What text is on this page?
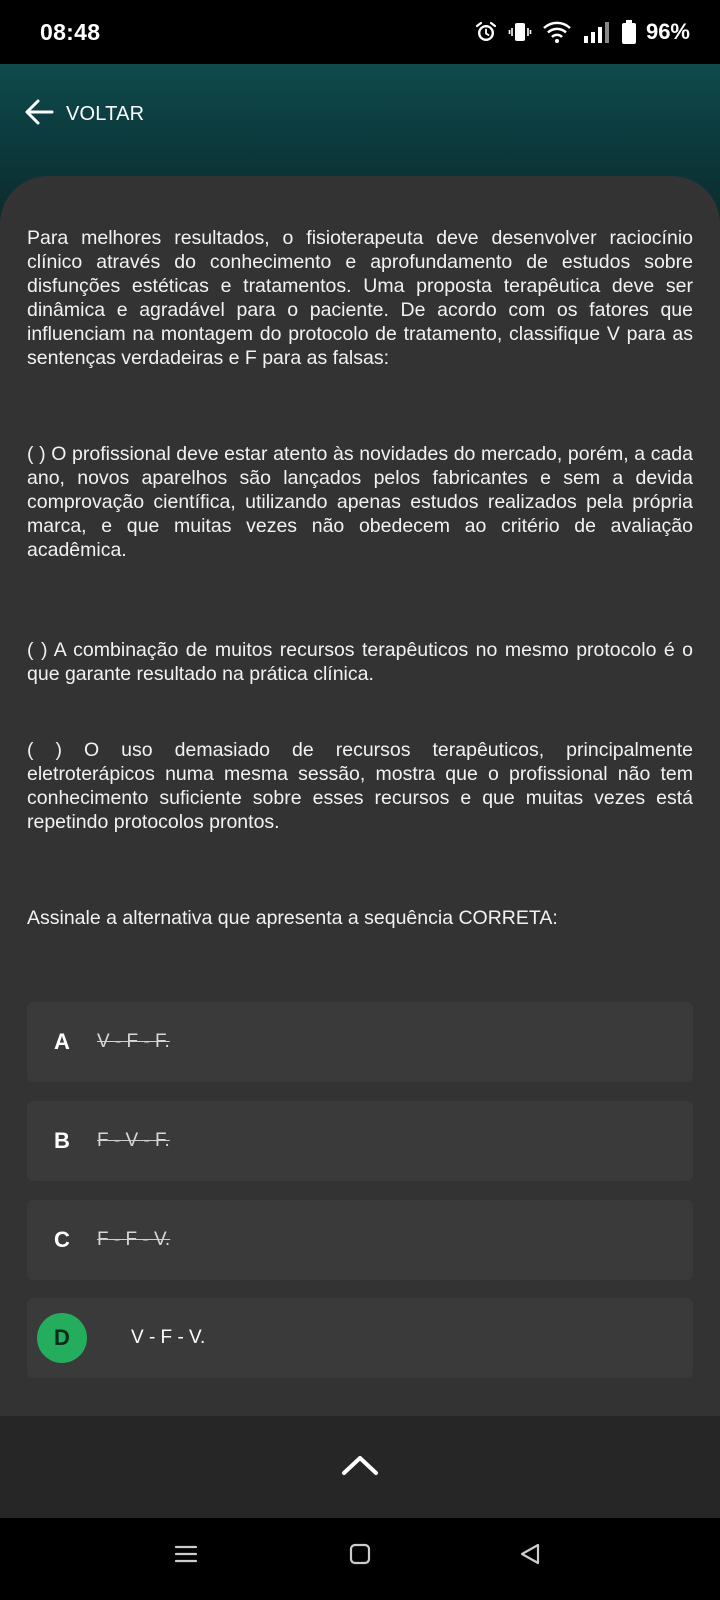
08:48	96%
VOLTAR

Para melhores resultados, o fisioterapeuta deve desenvolver raciocínio clínico através do conhecimento e aprofundamento de estudos sobre disfunções estéticas e tratamentos. Uma proposta terapêutica deve ser dinâmica e agradável para o paciente. De acordo com os fatores que influenciam na montagem do protocolo de tratamento, classifique V para as sentenças verdadeiras e F para as falsas:

( ) O profissional deve estar atento às novidades do mercado, porém, a cada ano, novos aparelhos são lançados pelos fabricantes e sem a devida comprovação científica, utilizando apenas estudos realizados pela própria marca, e que muitas vezes não obedecem ao critério de avaliação acadêmica.

( ) A combinação de muitos recursos terapêuticos no mesmo protocolo é o que garante resultado na prática clínica.

( ) O uso demasiado de recursos terapêuticos, principalmente eletroterápicos numa mesma sessão, mostra que o profissional não tem conhecimento suficiente sobre esses recursos e que muitas vezes está repetindo protocolos prontos.

Assinale a alternativa que apresenta a sequência CORRETA:

A	V - F - F.
B	F - V - F.
C	F - F - V.
D	V - F - V.
